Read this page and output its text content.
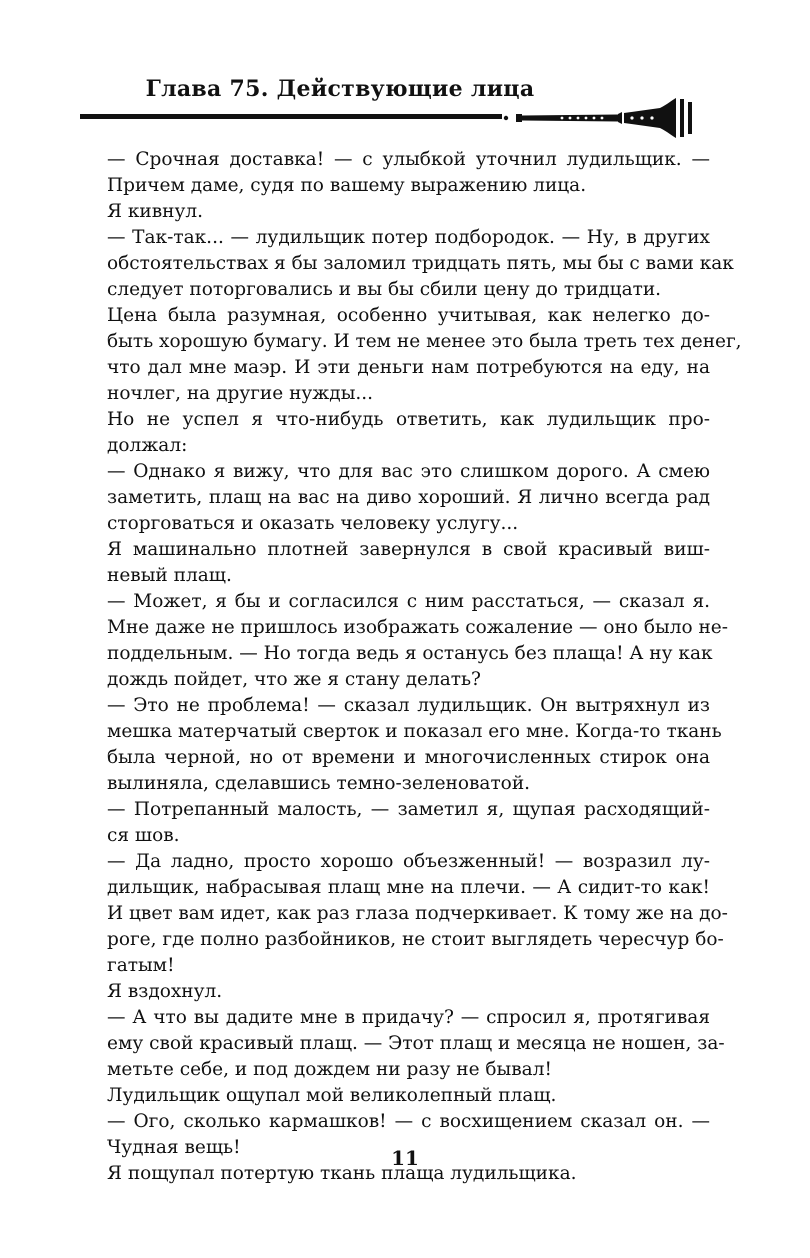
Глава 75. Действующие лица

— Срочная доставка! — с улыбкой уточнил лудильщик. —
Причем даме, судя по вашему выражению лица.

Я кивнул.

— Так-так... — лудильщик потер подбородок. — Ну, в других
обстоятельствах я бы заломил тридцать пять, мы бы с вами как
следует поторговались и вы бы сбили цену до тридцати.

Цена была разумная, особенно учитывая, как нелегко до-
быть хорошую бумагу. И тем не менее это была треть тех денег,
что дал мне маэр. И эти деньги нам потребуются на еду, на
ночлег, на другие нужды...

Но не успел я что-нибудь ответить, как лудильщик про-
должал:

— Однако я вижу, что для вас это слишком дорого. А смею
заметить, плащ на вас на диво хороший. Я лично всегда рад
сторговаться и оказать человеку услугу...

Я машинально плотней завернулся в свой красивый виш-
невый плащ.

— Может, я бы и согласился с ним расстаться, — сказал я.
Мне даже не пришлось изображать сожаление — оно было не-
поддельным. — Но тогда ведь я останусь без плаща! А ну как
дождь пойдет, что же я стану делать?

— Это не проблема! — сказал лудильщик. Он вытряхнул из
мешка матерчатый сверток и показал его мне. Когда-то ткань
была черной, но от времени и многочисленных стирок она
вылиняла, сделавшись темно-зеленоватой.

— Потрепанный малость, — заметил я, щупая расходящий-
ся шов.

— Да ладно, просто хорошо объезженный! — возразил лу-
дильщик, набрасывая плащ мне на плечи. — А сидит-то как!
И цвет вам идет, как раз глаза подчеркивает. К тому же на до-
роге, где полно разбойников, не стоит выглядеть чересчур бо-
гатым!

Я вздохнул.

— А что вы дадите мне в придачу? — спросил я, протягивая
ему свой красивый плащ. — Этот плащ и месяца не ношен, за-
метьте себе, и под дождем ни разу не бывал!

Лудильщик ощупал мой великолепный плащ.

— Ого, сколько кармашков! — с восхищением сказал он. —
Чудная вещь!

Я пощупал потертую ткань плаща лудильщика.

11
